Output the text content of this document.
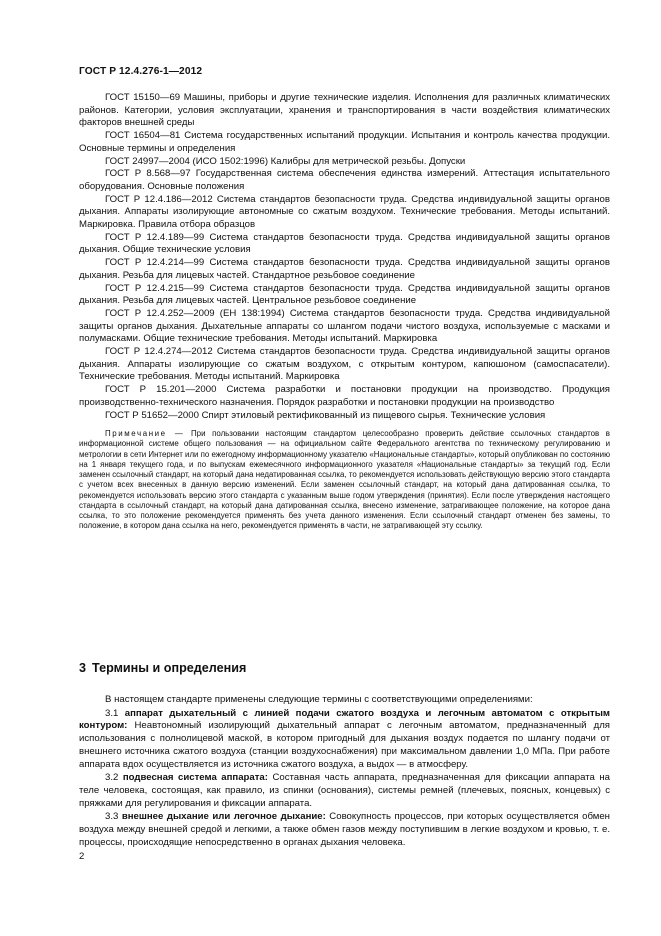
ГОСТ Р 12.4.276-1—2012

ГОСТ 15150—69 Машины, приборы и другие технические изделия. Исполнения для различных климатических районов. Категории, условия эксплуатации, хранения и транспортирования в части воздействия климатических факторов внешней среды

ГОСТ 16504—81 Система государственных испытаний продукции. Испытания и контроль качества продукции. Основные термины и определения

ГОСТ 24997—2004 (ИСО 1502:1996) Калибры для метрической резьбы. Допуски

ГОСТ Р 8.568—97 Государственная система обеспечения единства измерений. Аттестация испытательного оборудования. Основные положения

ГОСТ Р 12.4.186—2012 Система стандартов безопасности труда. Средства индивидуальной защиты органов дыхания. Аппараты изолирующие автономные со сжатым воздухом. Технические требования. Методы испытаний. Маркировка. Правила отбора образцов

ГОСТ Р 12.4.189—99 Система стандартов безопасности труда. Средства индивидуальной защиты органов дыхания. Общие технические условия

ГОСТ Р 12.4.214—99 Система стандартов безопасности труда. Средства индивидуальной защиты органов дыхания. Резьба для лицевых частей. Стандартное резьбовое соединение

ГОСТ Р 12.4.215—99 Система стандартов безопасности труда. Средства индивидуальной защиты органов дыхания. Резьба для лицевых частей. Центральное резьбовое соединение

ГОСТ Р 12.4.252—2009 (ЕН 138:1994) Система стандартов безопасности труда. Средства индивидуальной защиты органов дыхания. Дыхательные аппараты со шлангом подачи чистого воздуха, используемые с масками и полумасками. Общие технические требования. Методы испытаний. Маркировка

ГОСТ Р 12.4.274—2012 Система стандартов безопасности труда. Средства индивидуальной защиты органов дыхания. Аппараты изолирующие со сжатым воздухом, с открытым контуром, капюшоном (самоспасатели). Технические требования. Методы испытаний. Маркировка

ГОСТ Р 15.201—2000 Система разработки и постановки продукции на производство. Продукция производственно-технического назначения. Порядок разработки и постановки продукции на производство

ГОСТ Р 51652—2000 Спирт этиловый ректификованный из пищевого сырья. Технические условия

Примечание — При пользовании настоящим стандартом целесообразно проверить действие ссылочных стандартов в информационной системе общего пользования — на официальном сайте Федерального агентства по техническому регулированию и метрологии в сети Интернет или по ежегодному информационному указателю «Национальные стандарты», который опубликован по состоянию на 1 января текущего года, и по выпускам ежемесячного информационного указателя «Национальные стандарты» за текущий год. Если заменен ссылочный стандарт, на который дана недатированная ссылка, то рекомендуется использовать действующую версию этого стандарта с учетом всех внесенных в данную версию изменений. Если заменен ссылочный стандарт, на который дана датированная ссылка, то рекомендуется использовать версию этого стандарта с указанным выше годом утверждения (принятия). Если после утверждения настоящего стандарта в ссылочный стандарт, на который дана датированная ссылка, внесено изменение, затрагивающее положение, на которое дана ссылка, то это положение рекомендуется применять без учета данного изменения. Если ссылочный стандарт отменен без замены, то положение, в котором дана ссылка на него, рекомендуется применять в части, не затрагивающей эту ссылку.

3 Термины и определения

В настоящем стандарте применены следующие термины с соответствующими определениями:

3.1 аппарат дыхательный с линией подачи сжатого воздуха и легочным автоматом с открытым контуром: Неавтономный изолирующий дыхательный аппарат с легочным автоматом, предназначенный для использования с полнолицевой маской, в котором пригодный для дыхания воздух подается по шлангу подачи от внешнего источника сжатого воздуха (станции воздухоснабжения) при максимальном давлении 1,0 МПа. При работе аппарата вдох осуществляется из источника сжатого воздуха, а выдох — в атмосферу.

3.2 подвесная система аппарата: Составная часть аппарата, предназначенная для фиксации аппарата на теле человека, состоящая, как правило, из спинки (основания), системы ремней (плечевых, поясных, концевых) с пряжками для регулирования и фиксации аппарата.

3.3 внешнее дыхание или легочное дыхание: Совокупность процессов, при которых осуществляется обмен воздуха между внешней средой и легкими, а также обмен газов между поступившим в легкие воздухом и кровью, т. е. процессы, происходящие непосредственно в органах дыхания человека.

2
